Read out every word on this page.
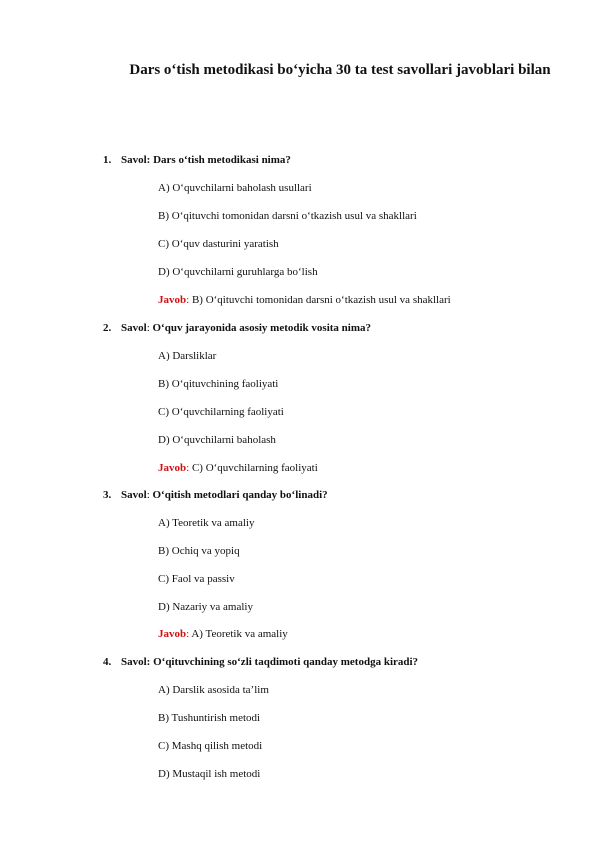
Dars o‘tish metodikasi bo‘yicha 30 ta test savollari javoblari bilan
1. Savol: Dars o‘tish metodikasi nima?
A) O‘quvchilarni baholash usullari
B) O‘qituvchi tomonidan darsni o‘tkazish usul va shakllari
C) O‘quv dasturini yaratish
D) O‘quvchilarni guruhlarga bo‘lish
Javob: B) O‘qituvchi tomonidan darsni o‘tkazish usul va shakllari
2. Savol: O‘quv jarayonida asosiy metodik vosita nima?
A) Darsliklar
B) O‘qituvchining faoliyati
C) O‘quvchilarning faoliyati
D) O‘quvchilarni baholash
Javob: C) O‘quvchilarning faoliyati
3. Savol: O‘qitish metodlari qanday bo‘linadi?
A) Teoretik va amaliy
B) Ochiq va yopiq
C) Faol va passiv
D) Nazariy va amaliy
Javob: A) Teoretik va amaliy
4. Savol: O‘qituvchining so‘zli taqdimoti qanday metodga kiradi?
A) Darslik asosida ta’lim
B) Tushuntirish metodi
C) Mashq qilish metodi
D) Mustaqil ish metodi
